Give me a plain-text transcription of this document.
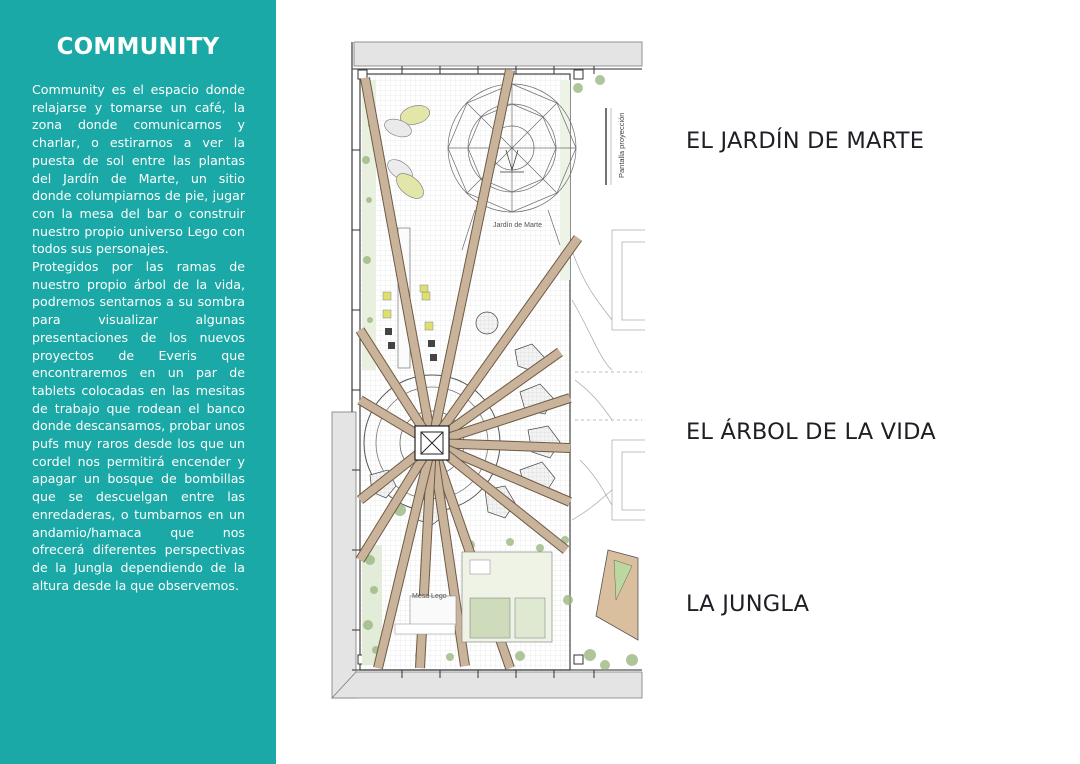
COMMUNITY

Community es el espacio donde relajarse y tomarse un café, la zona donde comunicarnos y charlar, o estirarnos a ver la puesta de sol entre las plantas del Jardín de Marte, un sitio donde columpiarnos de pie, jugar con la mesa del bar o construir nuestro propio universo Lego con todos sus personajes.

Protegidos por las ramas de nuestro propio árbol de la vida, podremos sentarnos a su sombra para visualizar algunas presentaciones de los nuevos proyectos de Everis que encontraremos en un par de tablets colocadas en las mesitas de trabajo que rodean el banco donde descansamos, probar unos pufs muy raros desde los que un cordel nos permitirá encender y apagar un bosque de bombillas que se descuelgan entre las enredaderas, o tumbarnos en un andamio/hamaca que nos ofrecerá diferentes perspectivas de la Jungla dependiendo de la altura desde la que observemos.

Jardín de Marte
Pantalla proyección
Mesa Lego
EL JARDÍN DE MARTE
EL ÁRBOL DE LA VIDA
LA JUNGLA
